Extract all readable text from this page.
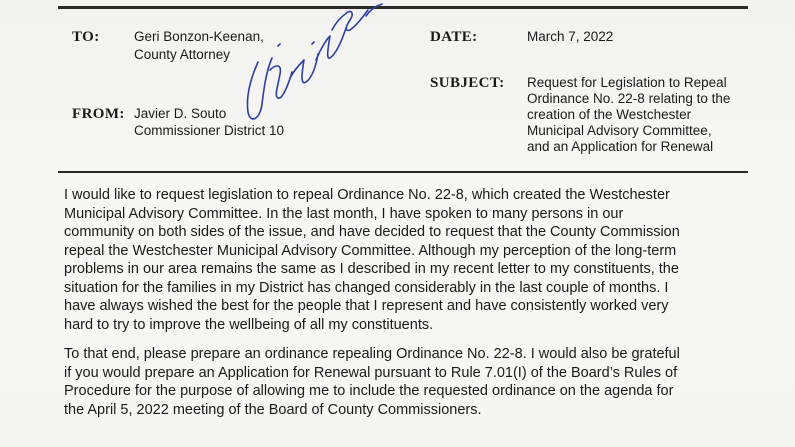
TO:	Geri Bonzon-Keenan,
County Attorney
FROM: Javier D. Souto
Commissioner District 10
DATE:	March 7, 2022
SUBJECT: Request for Legislation to Repeal
Ordinance No. 22-8 relating to the
creation of the Westchester
Municipal Advisory Committee,
and an Application for Renewal
I would like to request legislation to repeal Ordinance No. 22-8, which created the Westchester
Municipal Advisory Committee. In the last month, I have spoken to many persons in our
community on both sides of the issue, and have decided to request that the County Commission
repeal the Westchester Municipal Advisory Committee. Although my perception of the long-term
problems in our area remains the same as I described in my recent letter to my constituents, the
situation for the families in my District has changed considerably in the last couple of months. I
have always wished the best for the people that I represent and have consistently worked very
hard to try to improve the wellbeing of all my constituents.
To that end, please prepare an ordinance repealing Ordinance No. 22-8. I would also be grateful
if you would prepare an Application for Renewal pursuant to Rule 7.01(I) of the Board’s Rules of
Procedure for the purpose of allowing me to include the requested ordinance on the agenda for
the April 5, 2022 meeting of the Board of County Commissioners.
